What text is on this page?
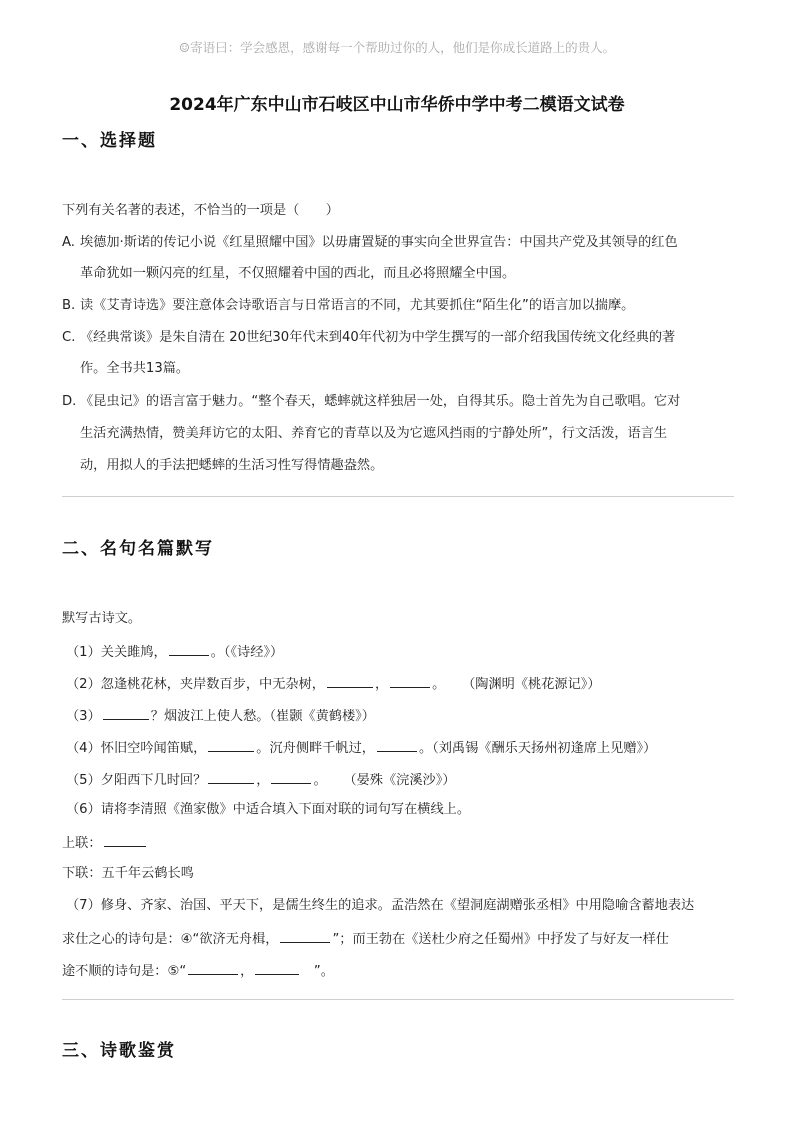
☺寄语曰：学会感恩，感谢每一个帮助过你的人，他们是你成长道路上的贵人。
2024年广东中山市石岐区中山市华侨中学中考二模语文试卷
一、选择题
下列有关名著的表述，不恰当的一项是（　　）
A. 埃德加·斯诺的传记小说《红星照耀中国》以毋庸置疑的事实向全世界宣告：中国共产党及其领导的红色
革命犹如一颗闪亮的红星，不仅照耀着中国的西北，而且必将照耀全中国。
B. 读《艾青诗选》要注意体会诗歌语言与日常语言的不同，尤其要抓住“陌生化”的语言加以揣摩。
C. 《经典常谈》是朱自清在 20世纪30年代末到40年代初为中学生撰写的一部介绍我国传统文化经典的著
作。全书共13篇。
D. 《昆虫记》的语言富于魅力。“整个春天，蟋蟀就这样独居一处，自得其乐。隐士首先为自己歌唱。它对
生活充满热情，赞美拜访它的太阳、养育它的青草以及为它遮风挡雨的宁静处所”，行文活泼，语言生
动，用拟人的手法把蟋蟀的生活习性写得情趣盎然。
二、名句名篇默写
默写古诗文。
（1）关关雎鸠，	。（《诗经》）
（2）忽逢桃花林，夹岸数百步，中无杂树，	，	。 （陶渊明《桃花源记》）
（3）	？烟波江上使人愁。（崔颢《黄鹤楼》）
（4）怀旧空吟闻笛赋，	。沉舟侧畔千帆过，	。（刘禹锡《酬乐天扬州初逢席上见赠》）
（5）夕阳西下几时回？	，	。 （晏殊《浣溪沙》）
（6）请将李清照《渔家傲》中适合填入下面对联的词句写在横线上。
上联：
下联：五千年云鹤长鸣
（7）修身、齐家、治国、平天下，是儒生终生的追求。孟浩然在《望洞庭湖赠张丞相》中用隐喻含蓄地表达
求仕之心的诗句是：④“欲济无舟楫，	”；而王勃在《送杜少府之任蜀州》中抒发了与好友一样仕
途不顺的诗句是：⑤“	，	”。
三、诗歌鉴赏
